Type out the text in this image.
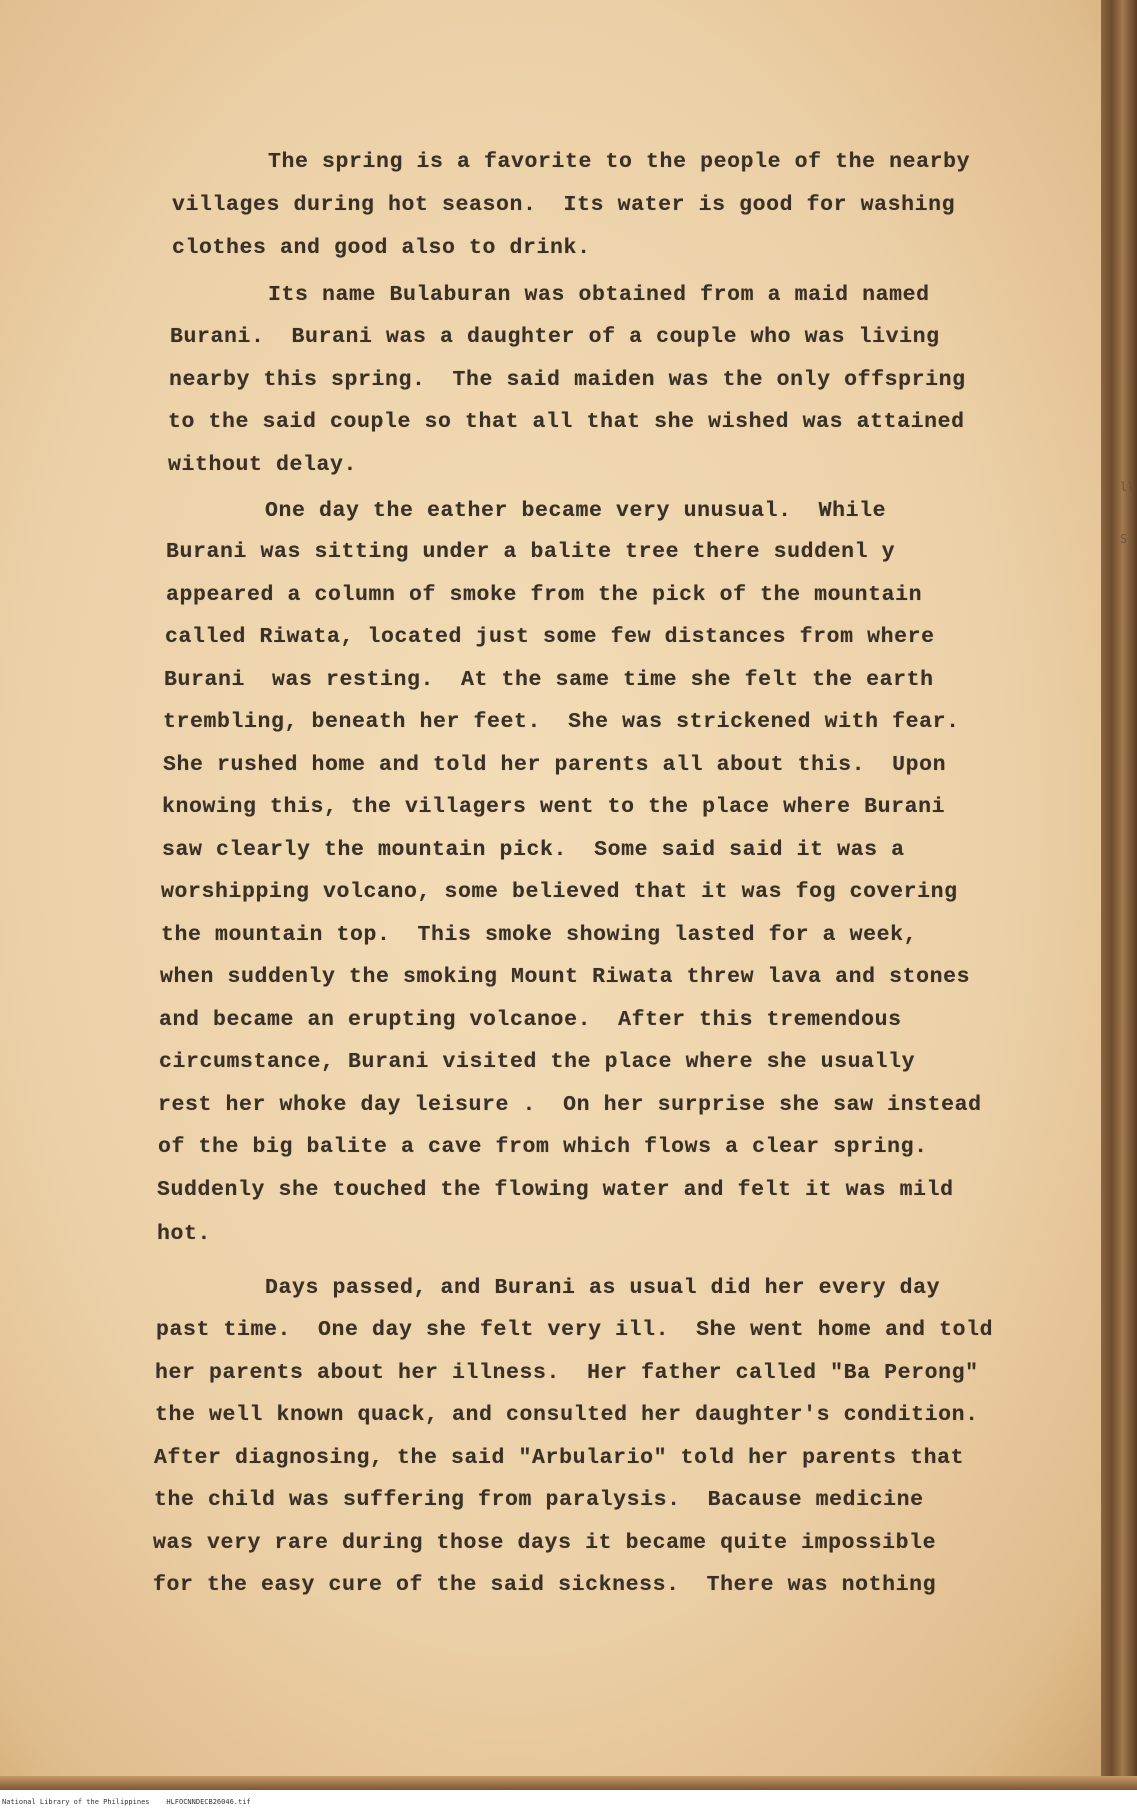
ll
S
The spring is a favorite to the people of the nearby
villages during hot season.  Its water is good for washing
clothes and good also to drink.
Its name Bulaburan was obtained from a maid named
Burani.  Burani was a daughter of a couple who was living
nearby this spring.  The said maiden was the only offspring
to the said couple so that all that she wished was attained
without delay.
One day the eather became very unusual.  While
Burani was sitting under a balite tree there suddenl y
appeared a column of smoke from the pick of the mountain
called Riwata, located just some few distances from where
Burani  was resting.  At the same time she felt the earth
trembling, beneath her feet.  She was strickened with fear.
She rushed home and told her parents all about this.  Upon
knowing this, the villagers went to the place where Burani
saw clearly the mountain pick.  Some said said it was a
worshipping volcano, some believed that it was fog covering
the mountain top.  This smoke showing lasted for a week,
when suddenly the smoking Mount Riwata threw lava and stones
and became an erupting volcanoe.  After this tremendous
circumstance, Burani visited the place where she usually
rest her whoke day leisure .  On her surprise she saw instead
of the big balite a cave from which flows a clear spring.
Suddenly she touched the flowing water and felt it was mild
hot.
Days passed, and Burani as usual did her every day
past time.  One day she felt very ill.  She went home and told
her parents about her illness.  Her father called "Ba Perong"
the well known quack, and consulted her daughter's condition.
After diagnosing, the said "Arbulario" told her parents that
the child was suffering from paralysis.  Bacause medicine
was very rare during those days it became quite impossible
for the easy cure of the said sickness.  There was nothing
National Library of the Philippines    HLFOCNNDECB26046.tif
